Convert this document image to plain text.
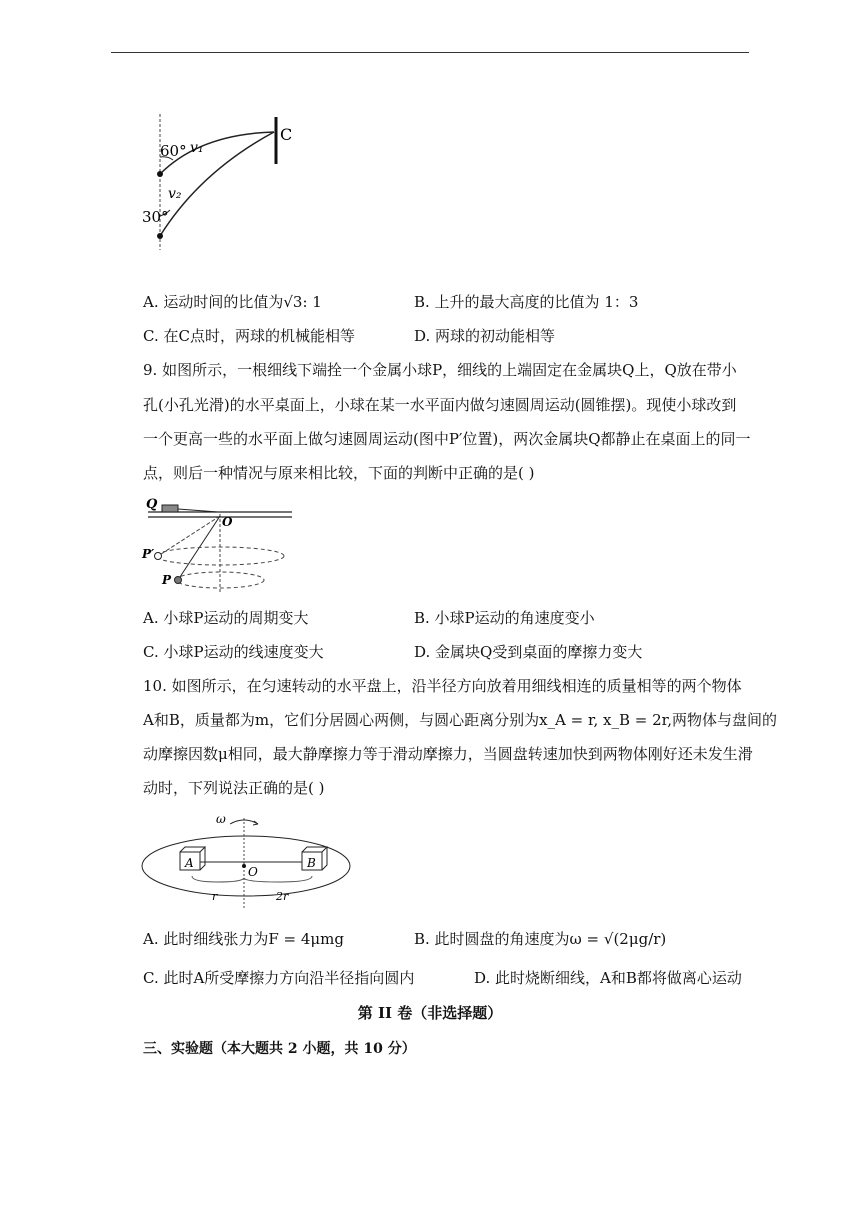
60° v₁
v₂
30°
C
A. 运动时间的比值为√3: 1	B. 上升的最大高度的比值为 1：3
C. 在C点时，两球的机械能相等	D. 两球的初动能相等
9. 如图所示，一根细线下端拴一个金属小球P，细线的上端固定在金属块Q上，Q放在带小
孔(小孔光滑)的水平桌面上，小球在某一水平面内做匀速圆周运动(圆锥摆)。现使小球改到
一个更高一些的水平面上做匀速圆周运动(图中P′位置)，两次金属块Q都静止在桌面上的同一
点，则后一种情况与原来相比较，下面的判断中正确的是( )
Q
O
P′
P
A. 小球P运动的周期变大	B. 小球P运动的角速度变小
C. 小球P运动的线速度变大	D. 金属块Q受到桌面的摩擦力变大
10. 如图所示，在匀速转动的水平盘上，沿半径方向放着用细线相连的质量相等的两个物体
A和B，质量都为m，它们分居圆心两侧，与圆心距离分别为x_A = r, x_B = 2r,两物体与盘间的
动摩擦因数μ相同，最大静摩擦力等于滑动摩擦力，当圆盘转速加快到两物体刚好还未发生滑
动时，下列说法正确的是( )
ω
A	B
O
r	2r
A. 此时细线张力为F = 4μmg	B. 此时圆盘的角速度为ω = √(2μg/r)
C. 此时A所受摩擦力方向沿半径指向圆内	D. 此时烧断细线，A和B都将做离心运动
第 II 卷（非选择题）
三、实验题（本大题共 2 小题，共 10 分）
